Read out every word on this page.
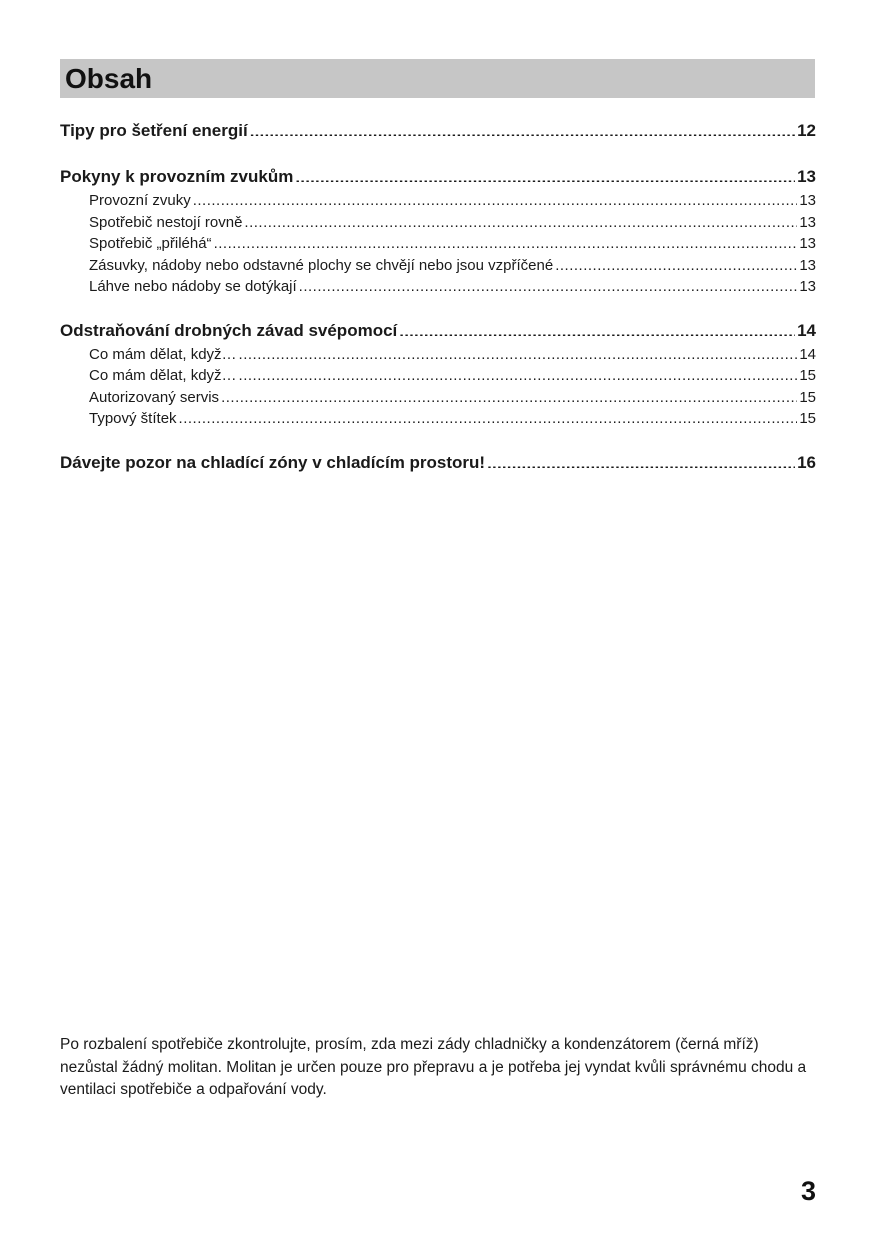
Obsah
Tipy pro šetření energií .....	12
Pokyny k provozním zvukům .....	13
Provozní zvuky .....	13
Spotřebič nestojí rovně .....	13
Spotřebič „přiléhá“ .....	13
Zásuvky, nádoby nebo odstavné plochy se chvějí nebo jsou vzpříčené .....	13
Láhve nebo nádoby se dotýkají .....	13
Odstraňování drobných závad svépomocí .....	14
Co mám dělat, když… .....	14
Co mám dělat, když… .....	15
Autorizovaný servis .....	15
Typový štítek .....	15
Dávejte pozor na chladící zóny v chladícím prostoru! .....	16
Po rozbalení spotřebiče zkontrolujte, prosím, zda mezi zády chladničky a kondenzátorem (černá mříž) nezůstal žádný molitan. Molitan je určen pouze pro přepravu a je potřeba jej vyndat kvůli správnému chodu a ventilaci spotřebiče a odpařování vody.
3
